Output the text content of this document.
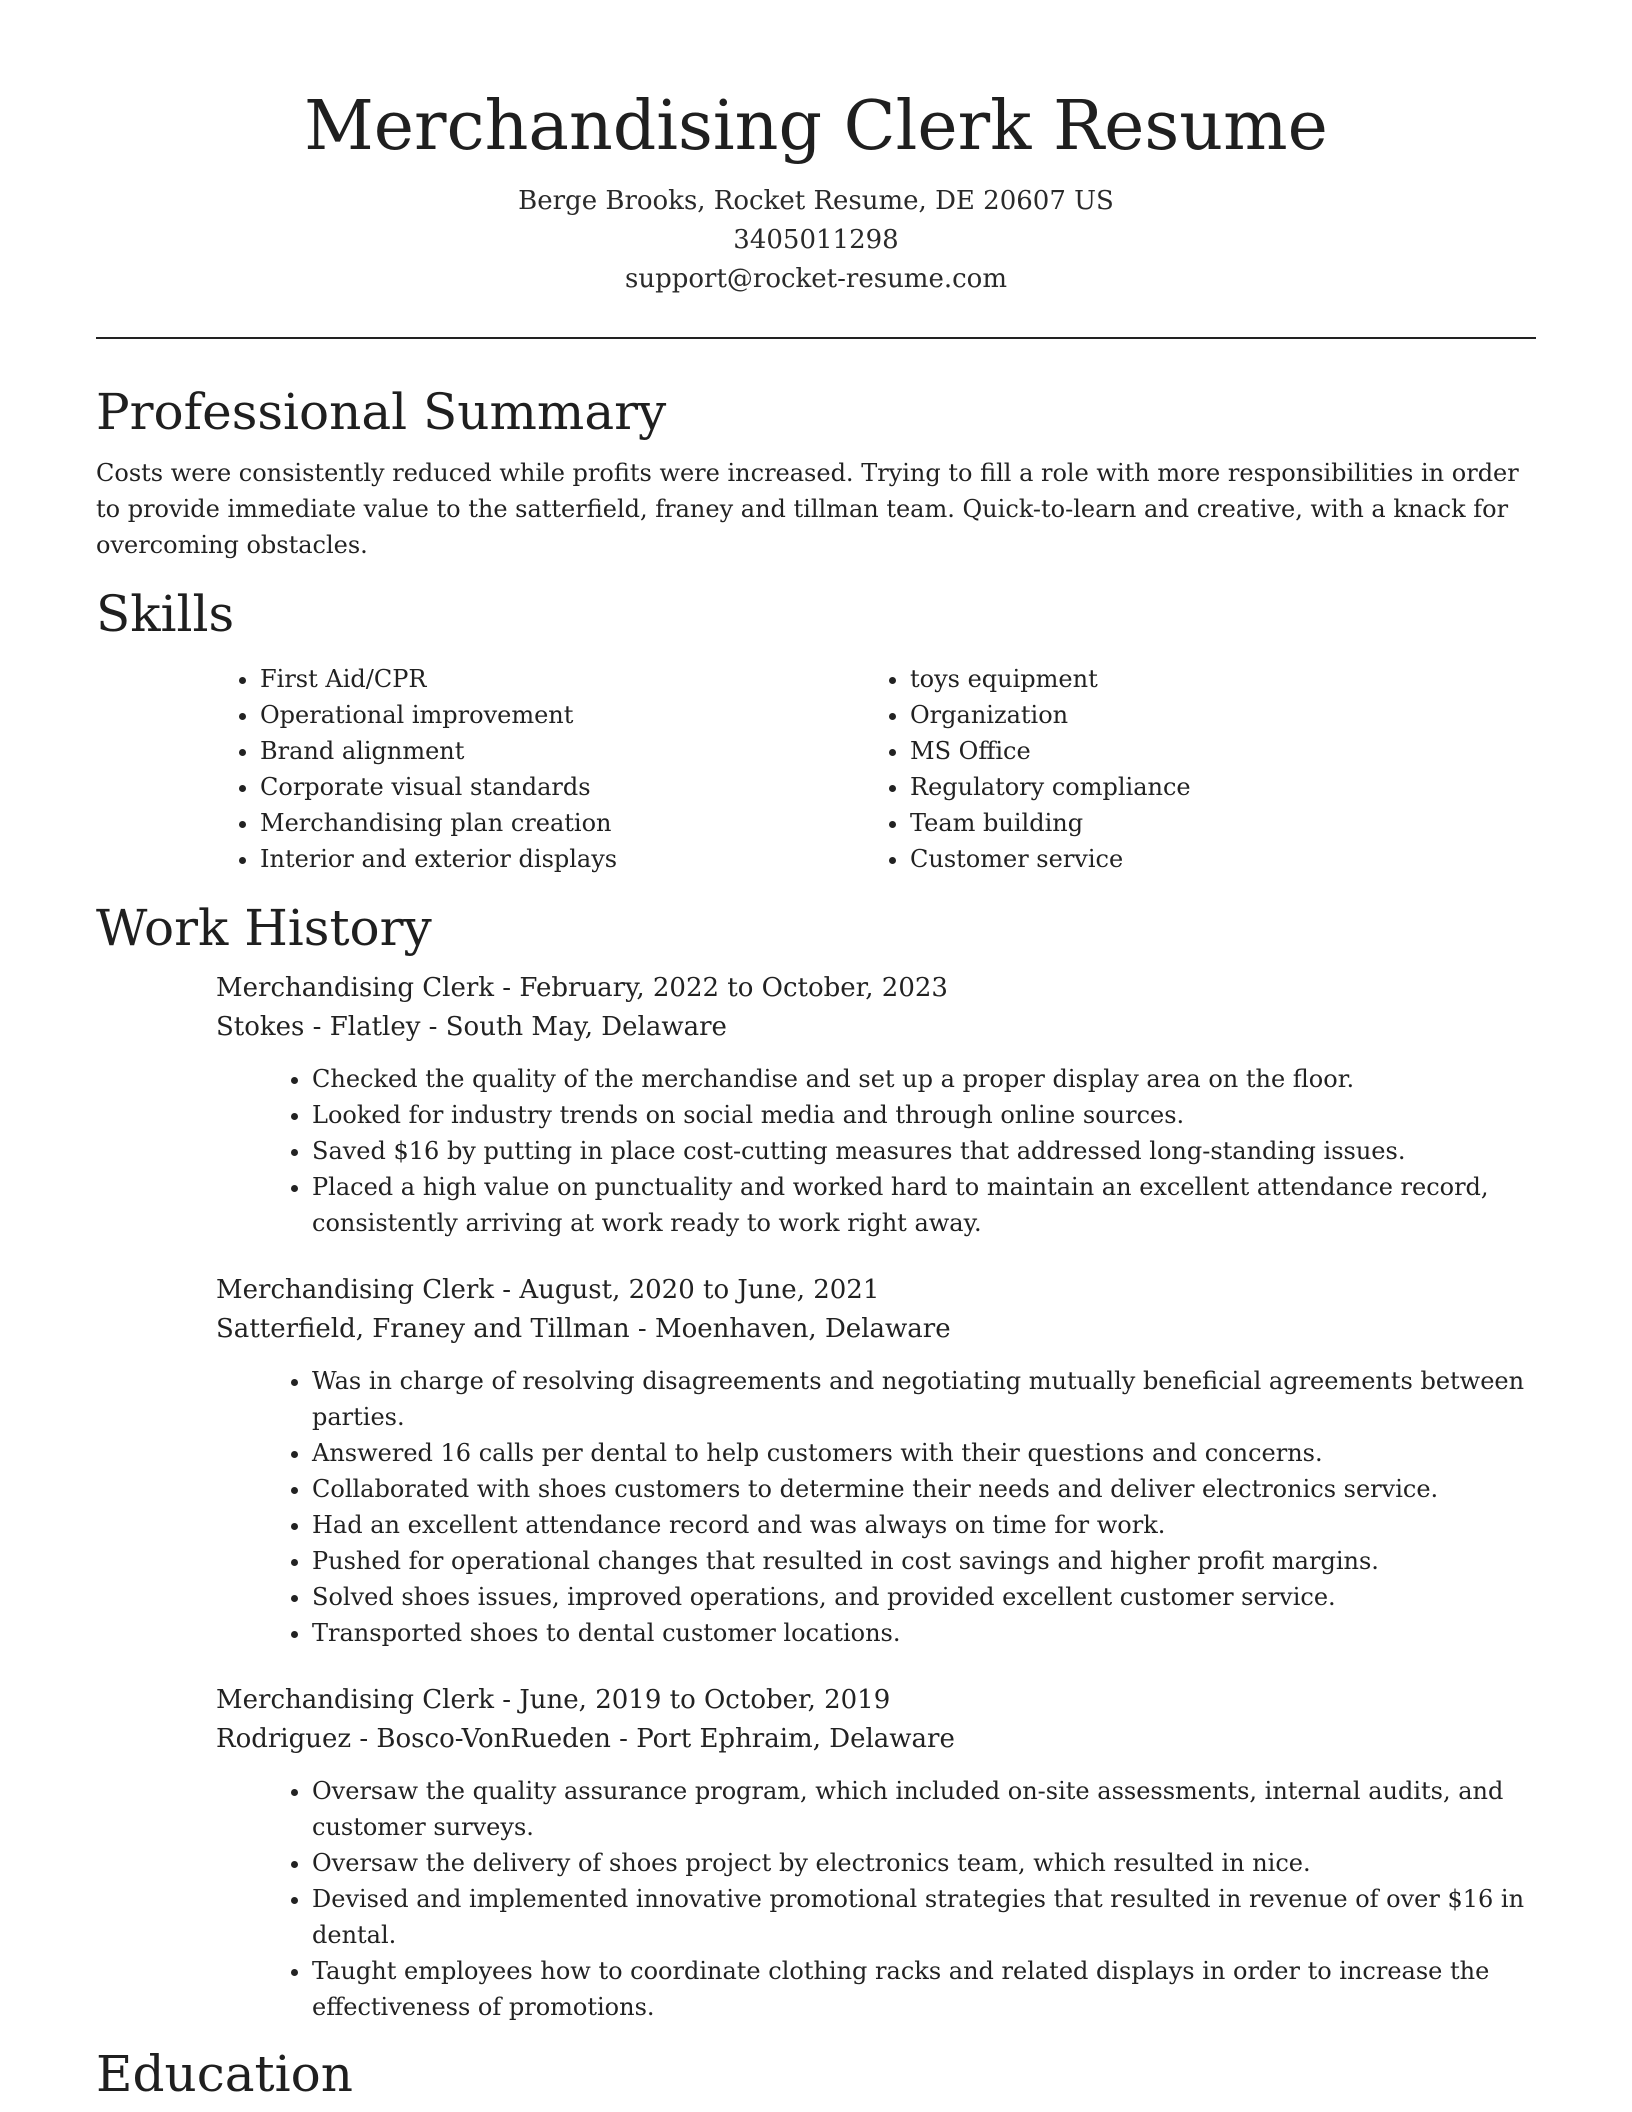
Merchandising Clerk Resume

Berge Brooks, Rocket Resume, DE 20607 US

3405011298

support@rocket-resume.com

Professional Summary

Costs were consistently reduced while profits were increased. Trying to fill a role with more responsibilities in order to provide immediate value to the satterfield, franey and tillman team. Quick-to-learn and creative, with a knack for overcoming obstacles.

Skills
• First Aid/CPR
• Operational improvement
• Brand alignment
• Corporate visual standards
• Merchandising plan creation
• Interior and exterior displays
• toys equipment
• Organization
• MS Office
• Regulatory compliance
• Team building
• Customer service
Work History

Merchandising Clerk - February, 2022 to October, 2023

Stokes - Flatley - South May, Delaware

• Checked the quality of the merchandise and set up a proper display area on the floor.
• Looked for industry trends on social media and through online sources.
• Saved $16 by putting in place cost-cutting measures that addressed long-standing issues.
• Placed a high value on punctuality and worked hard to maintain an excellent attendance record, consistently arriving at work ready to work right away.

Merchandising Clerk - August, 2020 to June, 2021

Satterfield, Franey and Tillman - Moenhaven, Delaware

• Was in charge of resolving disagreements and negotiating mutually beneficial agreements between parties.
• Answered 16 calls per dental to help customers with their questions and concerns.
• Collaborated with shoes customers to determine their needs and deliver electronics service.
• Had an excellent attendance record and was always on time for work.
• Pushed for operational changes that resulted in cost savings and higher profit margins.
• Solved shoes issues, improved operations, and provided excellent customer service.
• Transported shoes to dental customer locations.

Merchandising Clerk - June, 2019 to October, 2019

Rodriguez - Bosco-VonRueden - Port Ephraim, Delaware

• Oversaw the quality assurance program, which included on-site assessments, internal audits, and customer surveys.
• Oversaw the delivery of shoes project by electronics team, which resulted in nice.
• Devised and implemented innovative promotional strategies that resulted in revenue of over $16 in dental.
• Taught employees how to coordinate clothing racks and related displays in order to increase the effectiveness of promotions.
Education
